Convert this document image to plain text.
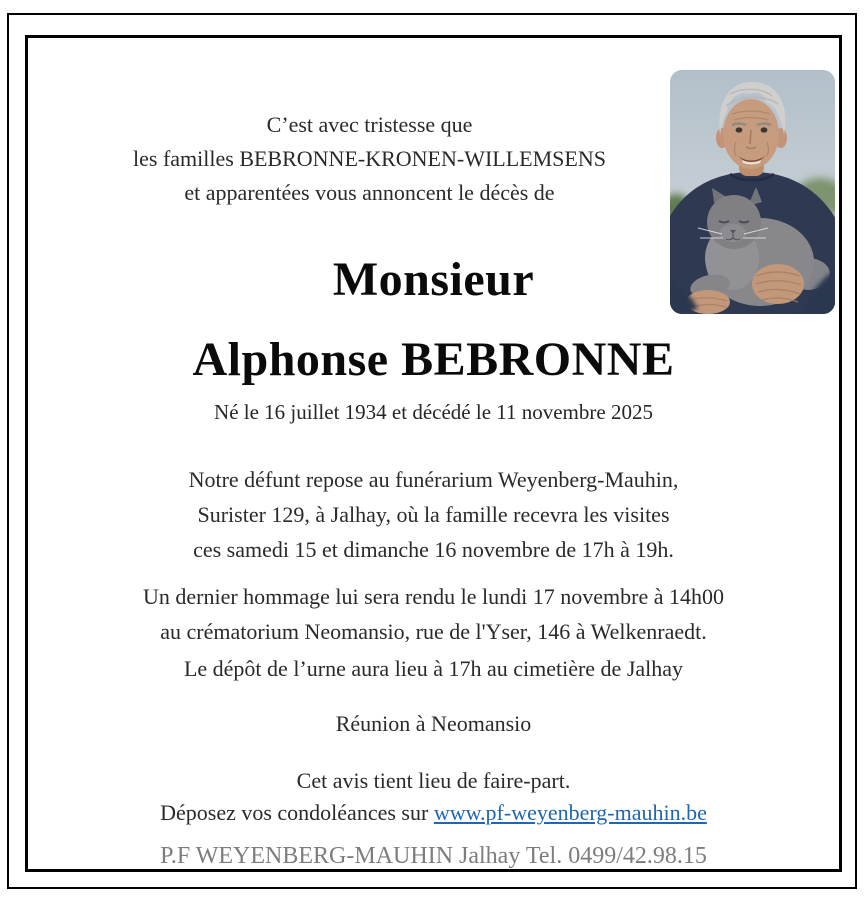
C’est avec tristesse que
les familles BEBRONNE-KRONEN-WILLEMSENS
et apparentées vous annoncent le décès de
Monsieur
Alphonse BEBRONNE
Né le 16 juillet 1934 et décédé le 11 novembre 2025
Notre défunt repose au funérarium Weyenberg-Mauhin,
Surister 129, à Jalhay, où la famille recevra les visites
ces samedi 15 et dimanche 16 novembre de 17h à 19h.
Un dernier hommage lui sera rendu le lundi 17 novembre à 14h00
au crématorium Neomansio, rue de l'Yser, 146 à Welkenraedt.
Le dépôt de l’urne aura lieu à 17h au cimetière de Jalhay
Réunion à Neomansio
Cet avis tient lieu de faire-part.
Déposez vos condoléances sur www.pf-weyenberg-mauhin.be
P.F WEYENBERG-MAUHIN Jalhay Tel. 0499/42.98.15
